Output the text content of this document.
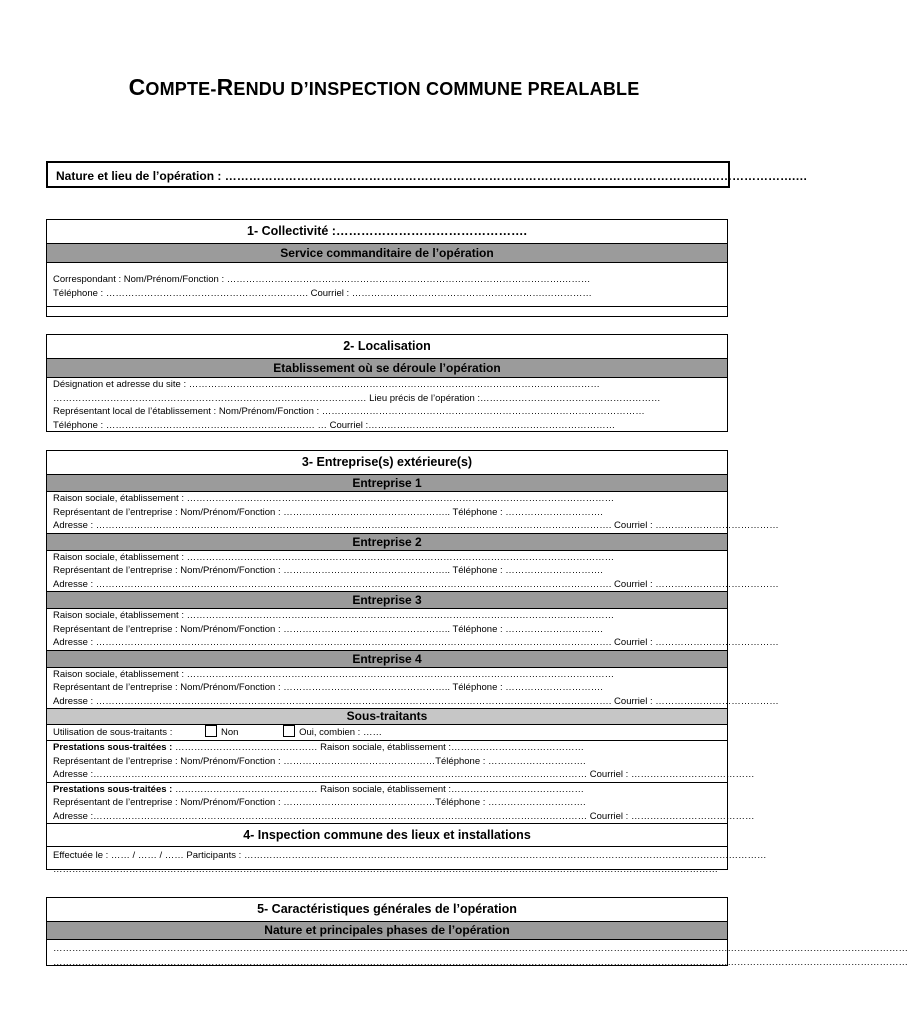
COMPTE-RENDU D’INSPECTION COMMUNE PREALABLE
Nature et lieu de l’opération : ……………………………………………………………………………………………………….…………………….…
1- Collectivité :……………………………………….
Service commanditaire de l’opération
Correspondant : Nom/Prénom/Fonction : …………………………………………………………………………………………….………
Téléphone : ………………………………………………………. Courriel : …………………………………………………….……………
2- Localisation
Etablissement où se déroule l’opération
Désignation et adresse du site : ………………………………………………………………………………………………………….………
……………………………………………………………………………………… Lieu précis de l’opération :…………………………………………………
Représentant local de l’établissement : Nom/Prénom/Fonction : …………………………………………………………………………………………
Téléphone : ………………………………………………………… … Courriel :……………………………………………………………………
3- Entreprise(s) extérieure(s)
Entreprise 1
Raison sociale, établissement : ………………………………………………………………………………………………………………………
Représentant de l’entreprise : Nom/Prénom/Fonction : …………………………………………….. Téléphone : ………………………….
Adresse : ………………………………………………………………………………………………………………………………………………. Courriel : …………………………………
Entreprise 2
Raison sociale, établissement : ………………………………………………………………………………………………………………………
Représentant de l’entreprise : Nom/Prénom/Fonction : …………………………………………….. Téléphone : ………………………….
Adresse : ………………………………………………………………………………………………………………………………………………. Courriel : …………………………………
Entreprise 3
Raison sociale, établissement : ………………………………………………………………………………………………………………………
Représentant de l’entreprise : Nom/Prénom/Fonction : …………………………………………….. Téléphone : ………………………….
Adresse : ………………………………………………………………………………………………………………………………………………. Courriel : …………………………………
Entreprise 4
Raison sociale, établissement : ………………………………………………………………………………………………………………………
Représentant de l’entreprise : Nom/Prénom/Fonction : …………………………………………….. Téléphone : ………………………….
Adresse : ………………………………………………………………………………………………………………………………………………. Courriel : …………………………………
Sous-traitants
Utilisation de sous-traitants :	Non	Oui, combien : ……
Prestations sous-traitées : ……………………………………… Raison sociale, établissement :……………………………………
Représentant de l’entreprise : Nom/Prénom/Fonction : …………………………………………Téléphone : ………………………….
Adresse :………………………………………………………………………………………………………………………………………… Courriel : …………………………………
Prestations sous-traitées : ……………………………………… Raison sociale, établissement :……………………………………
Représentant de l’entreprise : Nom/Prénom/Fonction : …………………………………………Téléphone : ………………………….
Adresse :………………………………………………………………………………………………………………………………………… Courriel : …………………………………
4- Inspection commune des lieux et installations
Effectuée le : …… / …… / …… Participants : …………………………………………………………………………………………………………………………………………………
…………………………………………………………………………………………………………………………………………………………………………………………
5- Caractéristiques générales de l’opération
Nature et principales phases de l’opération
………………………………………………………………………………………………………………………………………………………………………………………………………………………………………………
………………………………………………………………………………………………………………………………………………………………………………………………………………………………………………
